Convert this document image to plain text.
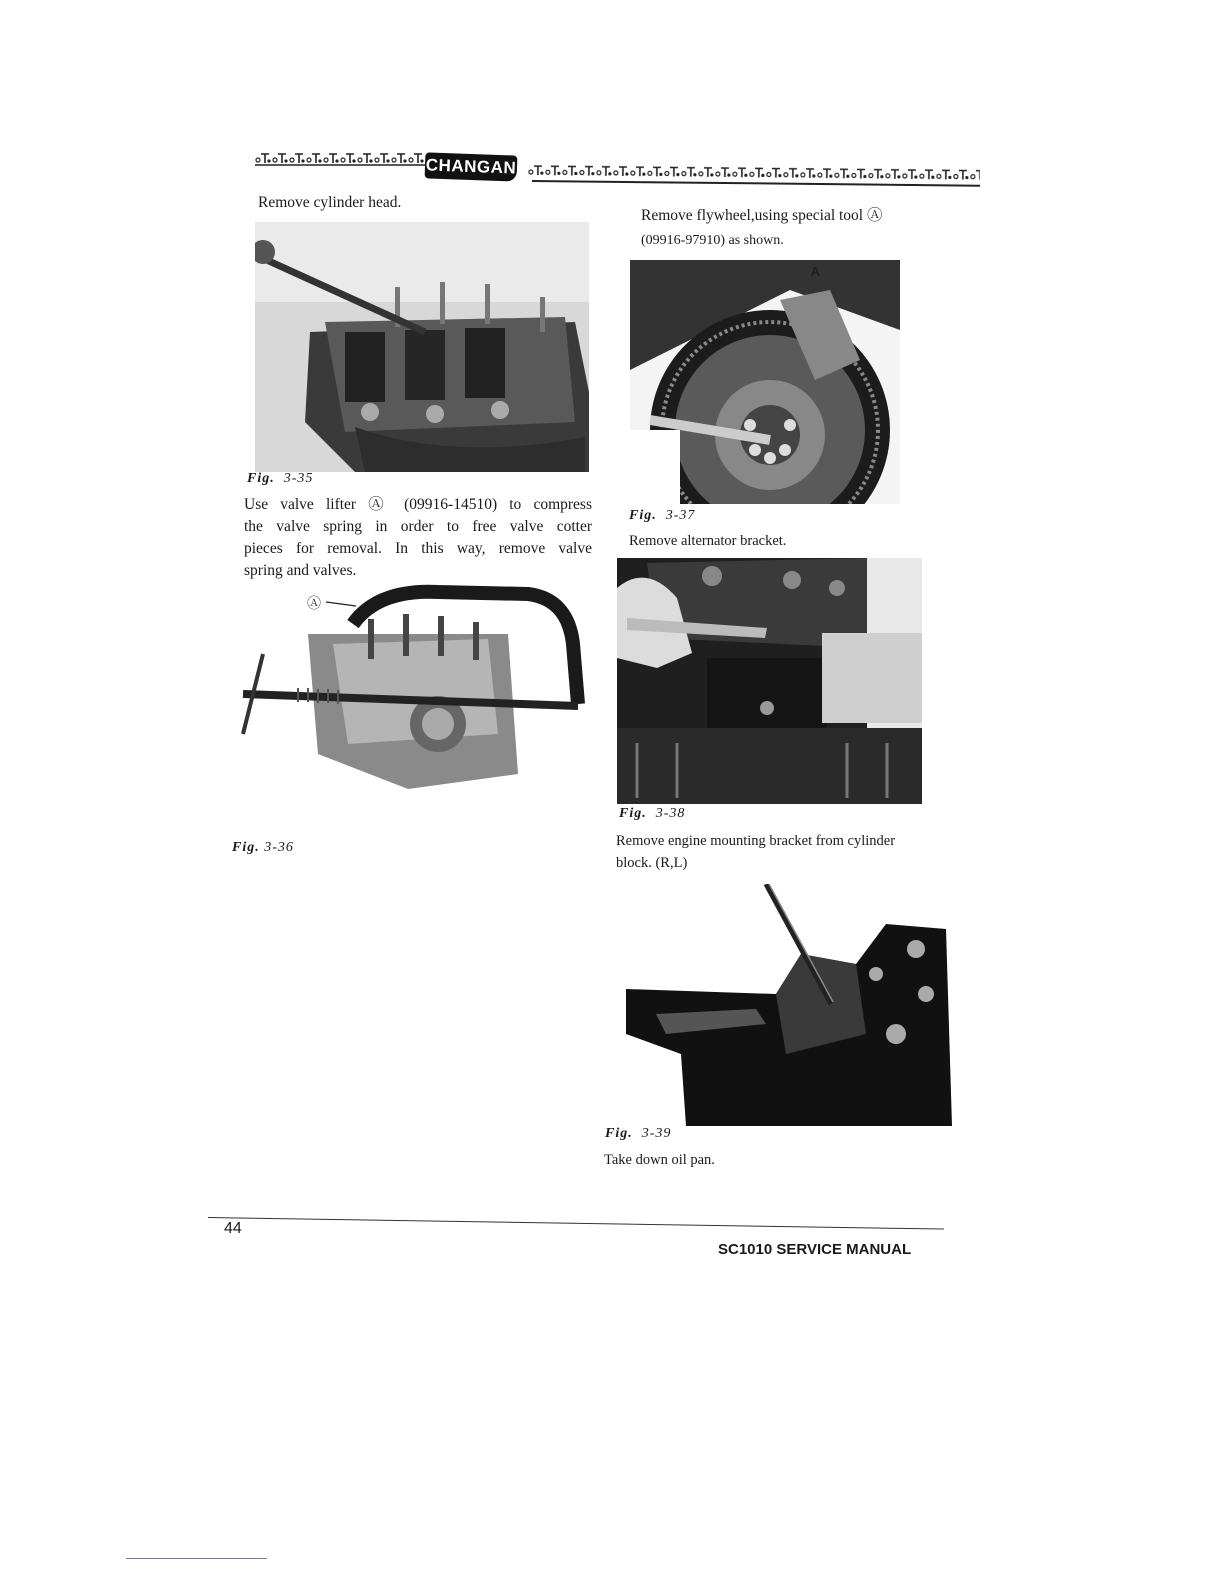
CHANGAN

Remove cylinder head.

Fig. 3-35

Use valve lifter Ⓐ (09916-14510) to compress

the valve spring in order to free valve cotter

pieces for removal. In this way, remove valve

spring and valves.

Ⓐ

Fig. 3-36

Remove flywheel,using special tool Ⓐ

(09916-97910) as shown.

A

Fig. 3-37

Remove alternator bracket.

Fig. 3-38

Remove engine mounting bracket from cylinder

block. (R,L)

Fig. 3-39

Take down oil pan.

44

SC1010 SERVICE MANUAL
